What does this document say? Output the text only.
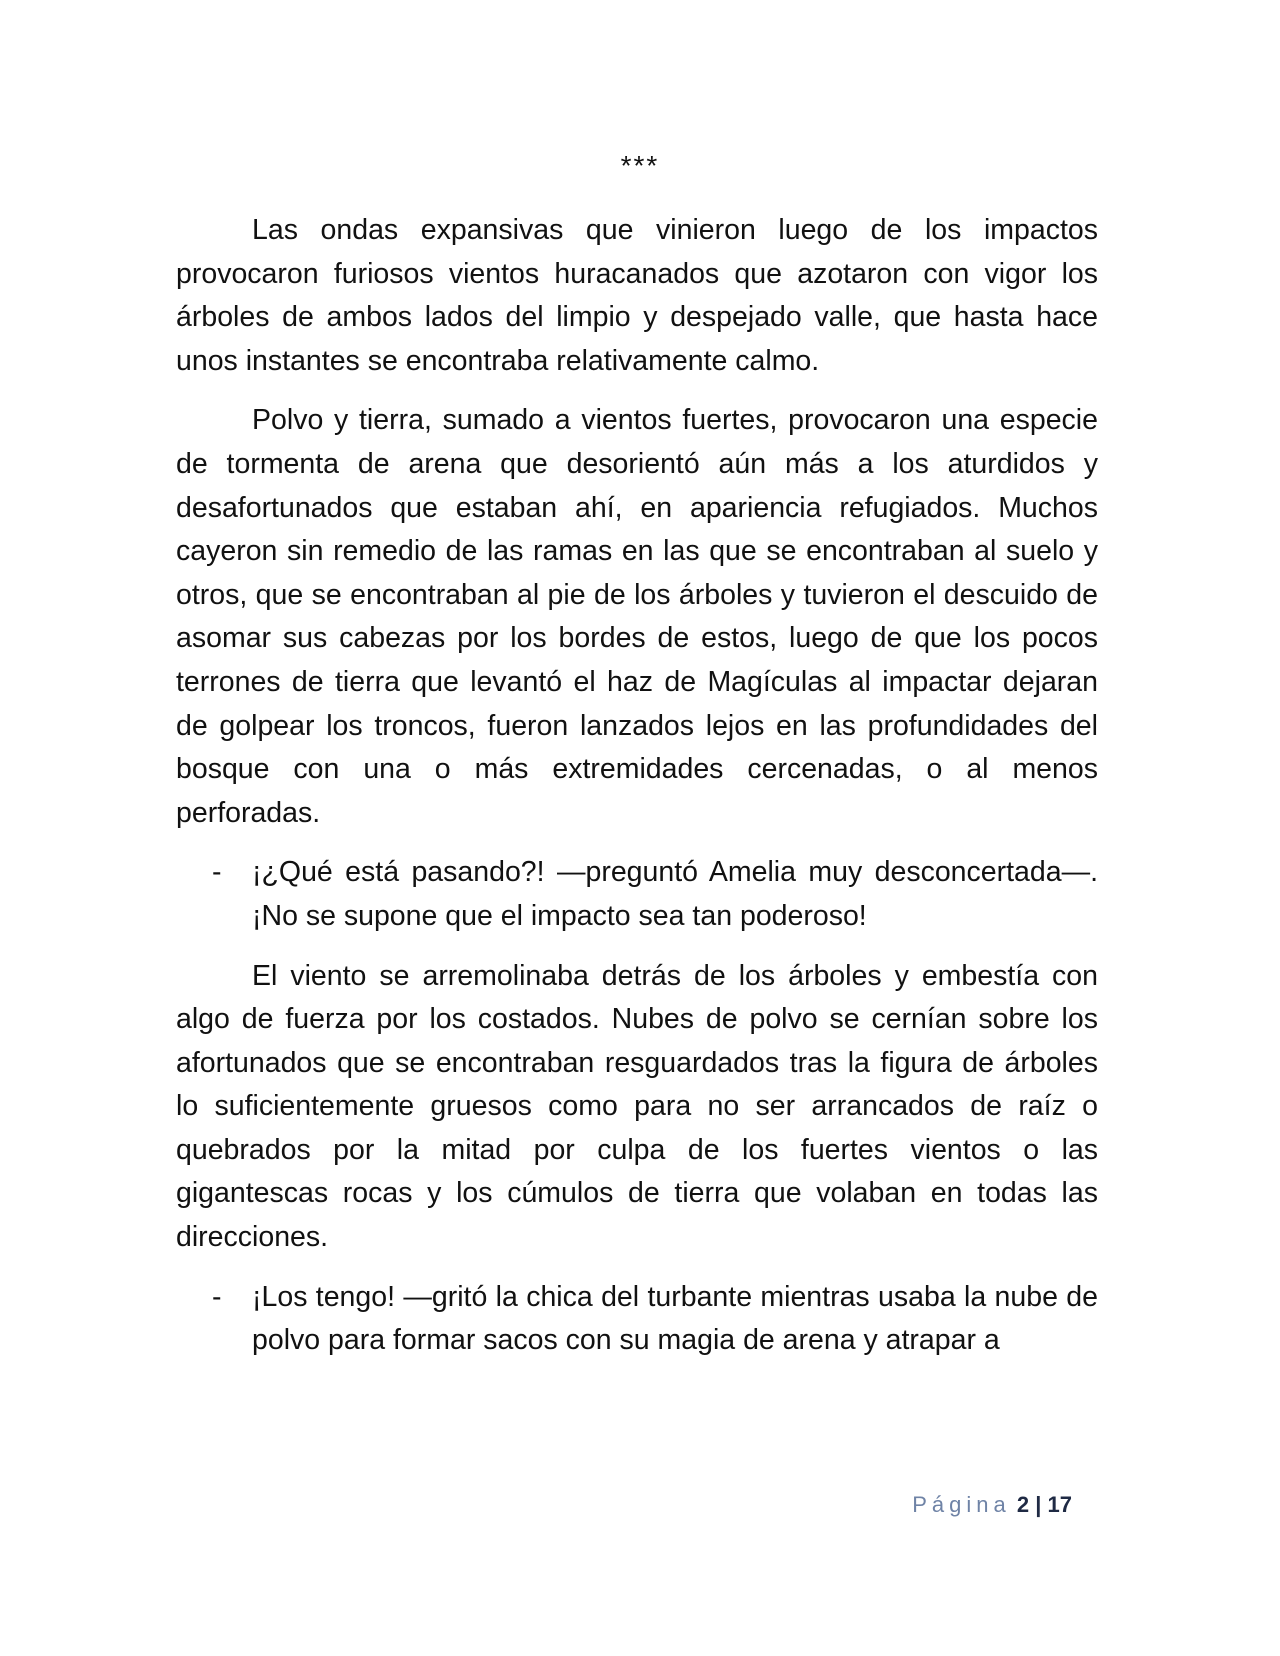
***

Las ondas expansivas que vinieron luego de los impactos provocaron furiosos vientos huracanados que azotaron con vigor los árboles de ambos lados del limpio y despejado valle, que hasta hace unos instantes se encontraba relativamente calmo.

Polvo y tierra, sumado a vientos fuertes, provocaron una especie de tormenta de arena que desorientó aún más a los aturdidos y desafortunados que estaban ahí, en apariencia refugiados. Muchos cayeron sin remedio de las ramas en las que se encontraban al suelo y otros, que se encontraban al pie de los árboles y tuvieron el descuido de asomar sus cabezas por los bordes de estos, luego de que los pocos terrones de tierra que levantó el haz de Magículas al impactar dejaran de golpear los troncos, fueron lanzados lejos en las profundidades del bosque con una o más extremidades cercenadas, o al menos perforadas.

- ¡¿Qué está pasando?! —preguntó Amelia muy desconcertada—. ¡No se supone que el impacto sea tan poderoso!

El viento se arremolinaba detrás de los árboles y embestía con algo de fuerza por los costados. Nubes de polvo se cernían sobre los afortunados que se encontraban resguardados tras la figura de árboles lo suficientemente gruesos como para no ser arrancados de raíz o quebrados por la mitad por culpa de los fuertes vientos o las gigantescas rocas y los cúmulos de tierra que volaban en todas las direcciones.

- ¡Los tengo! —gritó la chica del turbante mientras usaba la nube de polvo para formar sacos con su magia de arena y atrapar a
Página 2 | 17
